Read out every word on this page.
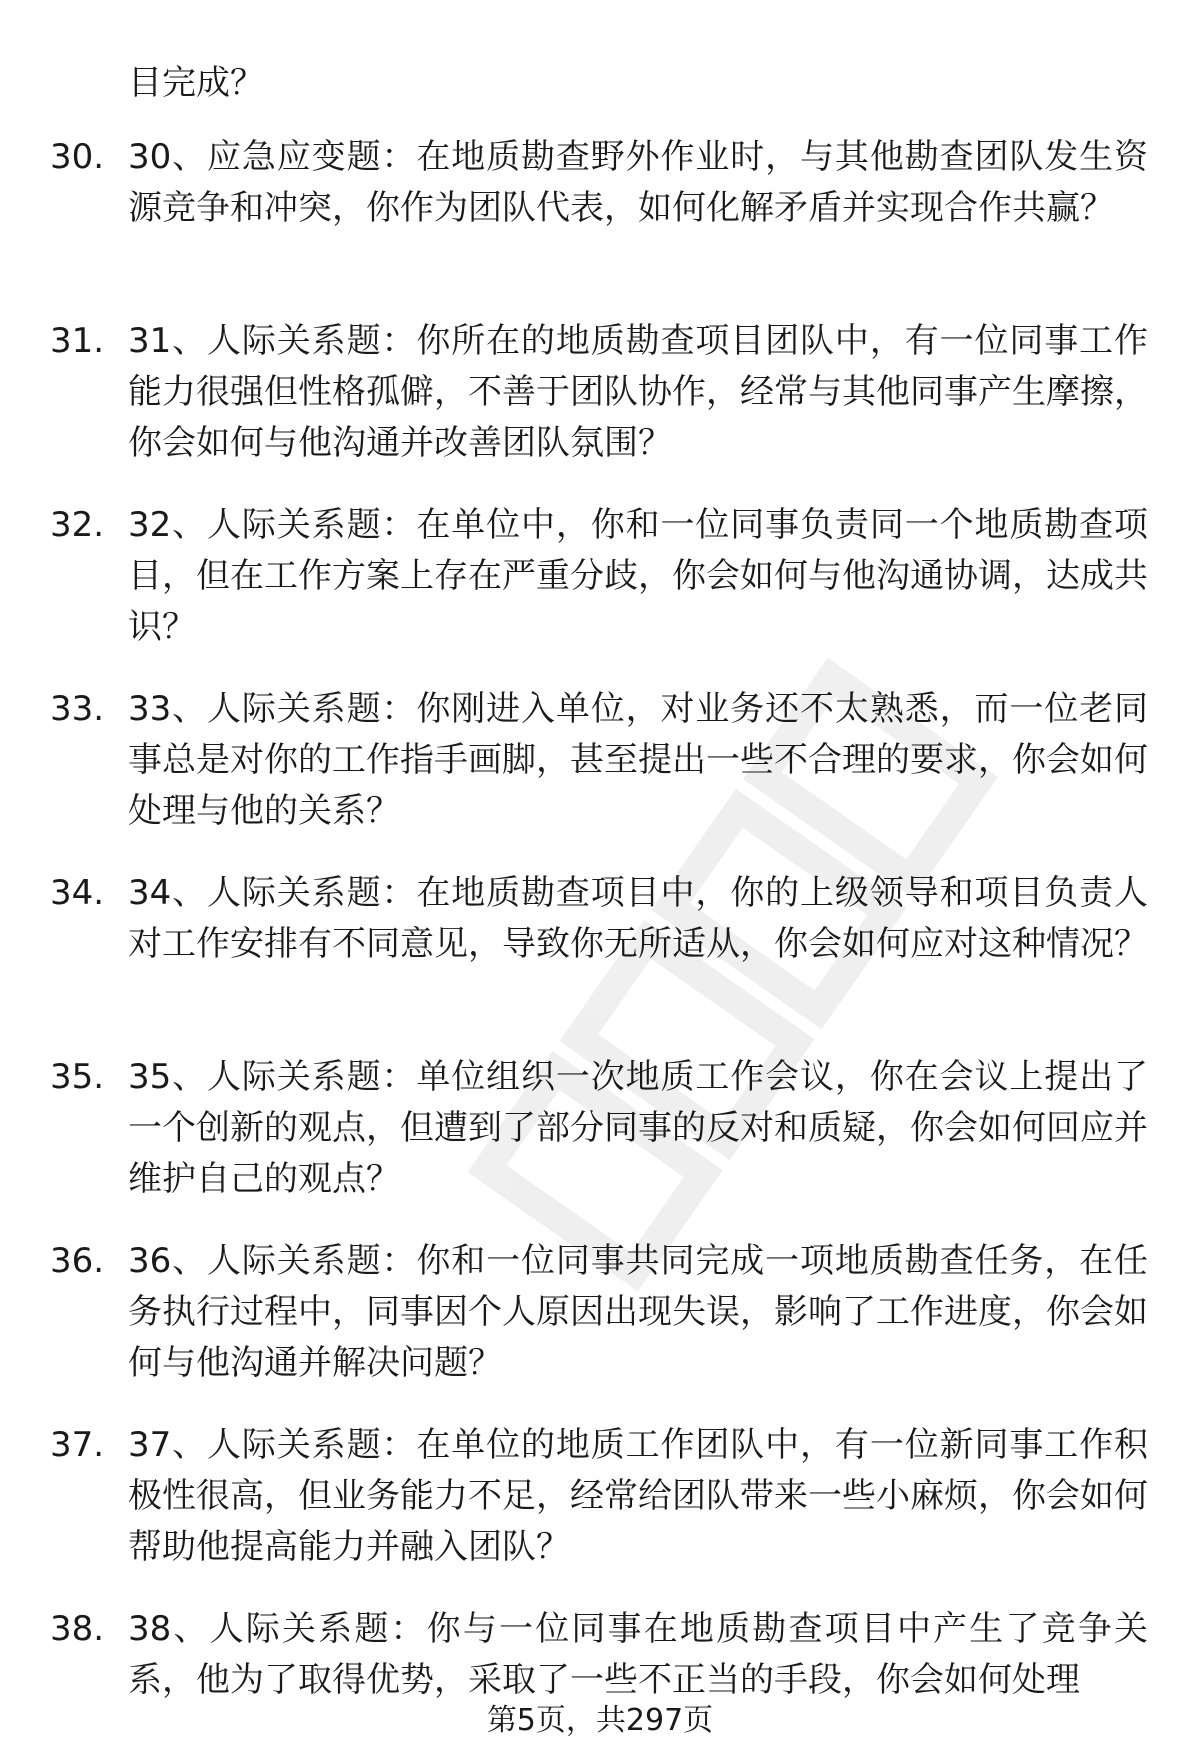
目完成？
30. 30、应急应变题：在地质勘查野外作业时，与其他勘查团队发生资源竞争和冲突，你作为团队代表，如何化解矛盾并实现合作共赢？
31. 31、人际关系题：你所在的地质勘查项目团队中，有一位同事工作能力很强但性格孤僻，不善于团队协作，经常与其他同事产生摩擦，你会如何与他沟通并改善团队氛围？
32. 32、人际关系题：在单位中，你和一位同事负责同一个地质勘查项目，但在工作方案上存在严重分歧，你会如何与他沟通协调，达成共识？
33. 33、人际关系题：你刚进入单位，对业务还不太熟悉，而一位老同事总是对你的工作指手画脚，甚至提出一些不合理的要求，你会如何处理与他的关系？
34. 34、人际关系题：在地质勘查项目中，你的上级领导和项目负责人对工作安排有不同意见，导致你无所适从，你会如何应对这种情况？
35. 35、人际关系题：单位组织一次地质工作会议，你在会议上提出了一个创新的观点，但遭到了部分同事的反对和质疑，你会如何回应并维护自己的观点？
36. 36、人际关系题：你和一位同事共同完成一项地质勘查任务，在任务执行过程中，同事因个人原因出现失误，影响了工作进度，你会如何与他沟通并解决问题？
37. 37、人际关系题：在单位的地质工作团队中，有一位新同事工作积极性很高，但业务能力不足，经常给团队带来一些小麻烦，你会如何帮助他提高能力并融入团队？
38. 38、人际关系题：你与一位同事在地质勘查项目中产生了竞争关系，他为了取得优势，采取了一些不正当的手段，你会如何处理
第5页，共297页
